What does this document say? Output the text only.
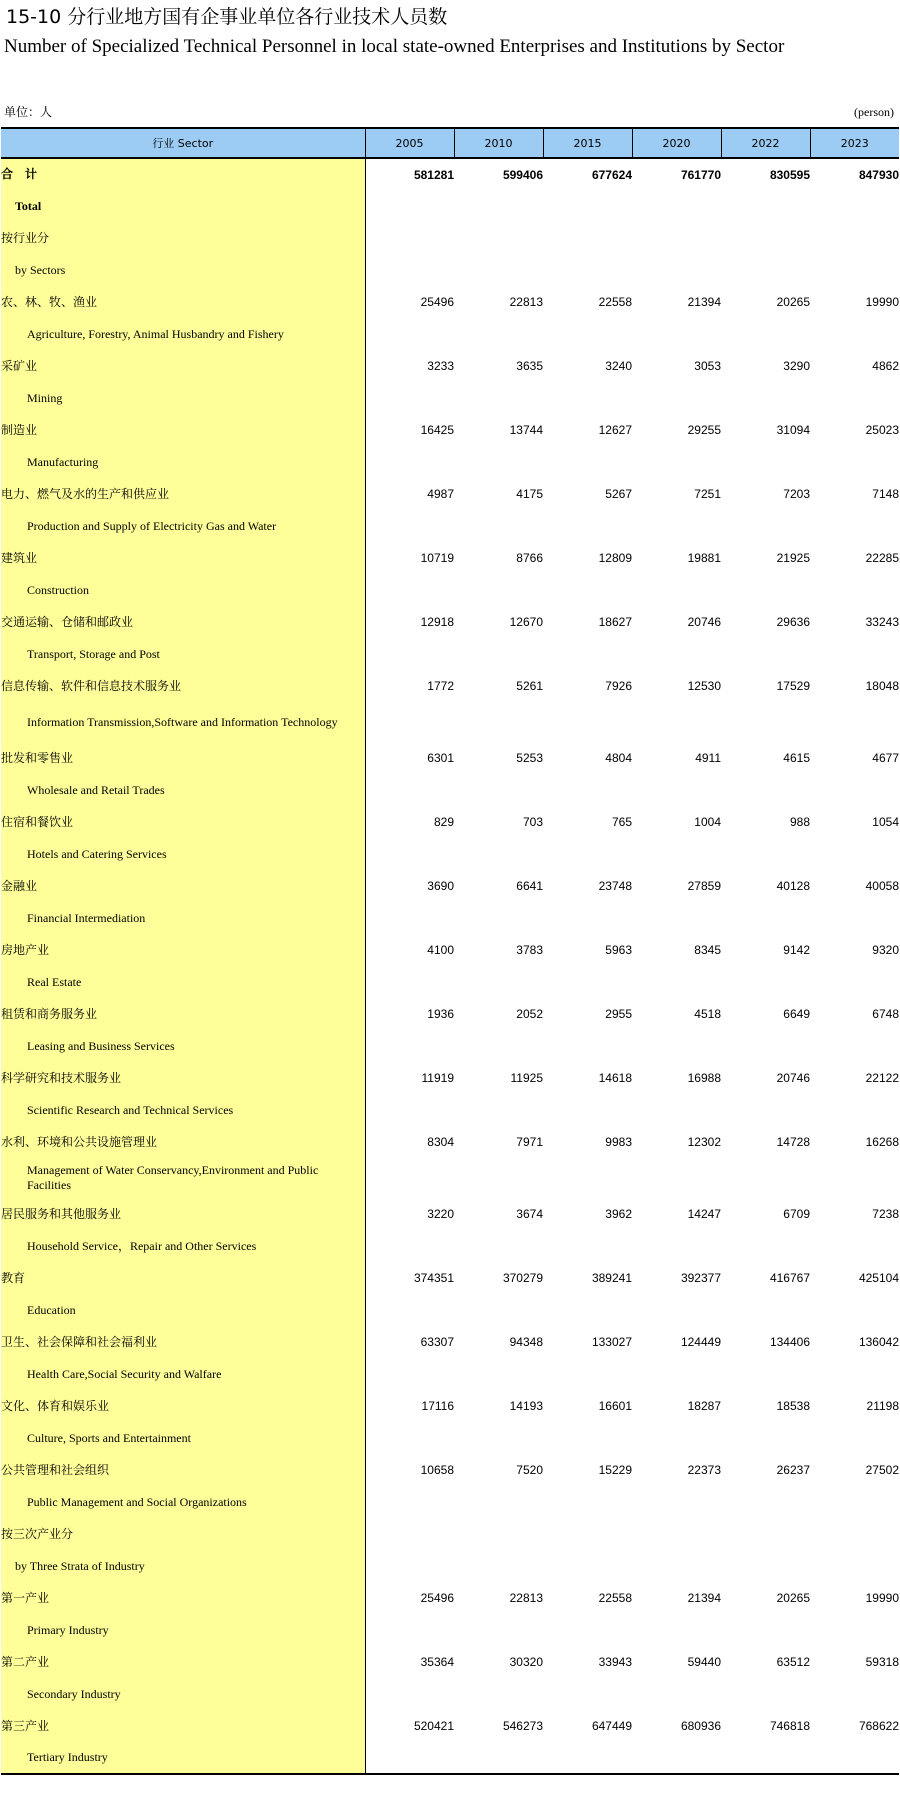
15-10 分行业地方国有企事业单位各行业技术人员数
Number of Specialized Technical Personnel in local state-owned Enterprises and Institutions by Sector
单位：人	(person)
行业 Sector	2005	2010	2015	2020	2022	2023
合　计	581281	599406	677624	761770	830595	847930
Total						
按行业分						
by Sectors						
农、林、牧、渔业	25496	22813	22558	21394	20265	19990
Agriculture, Forestry, Animal Husbandry and Fishery						
采矿业	3233	3635	3240	3053	3290	4862
Mining						
制造业	16425	13744	12627	29255	31094	25023
Manufacturing						
电力、燃气及水的生产和供应业	4987	4175	5267	7251	7203	7148
Production and Supply of Electricity Gas and Water						
建筑业	10719	8766	12809	19881	21925	22285
Construction						
交通运输、仓储和邮政业	12918	12670	18627	20746	29636	33243
Transport, Storage and Post						
信息传输、软件和信息技术服务业	1772	5261	7926	12530	17529	18048
Information Transmission,Software and Information Technology						
批发和零售业	6301	5253	4804	4911	4615	4677
Wholesale and Retail Trades						
住宿和餐饮业	829	703	765	1004	988	1054
Hotels and Catering Services						
金融业	3690	6641	23748	27859	40128	40058
Financial Intermediation						
房地产业	4100	3783	5963	8345	9142	9320
Real Estate						
租赁和商务服务业	1936	2052	2955	4518	6649	6748
Leasing and Business Services						
科学研究和技术服务业	11919	11925	14618	16988	20746	22122
Scientific Research and Technical Services						
水利、环境和公共设施管理业	8304	7971	9983	12302	14728	16268
Management of Water Conservancy,Environment and Public Facilities						
居民服务和其他服务业	3220	3674	3962	14247	6709	7238
Household Service，Repair and Other Services						
教育	374351	370279	389241	392377	416767	425104
Education						
卫生、社会保障和社会福利业	63307	94348	133027	124449	134406	136042
Health Care,Social Security and Walfare						
文化、体育和娱乐业	17116	14193	16601	18287	18538	21198
Culture, Sports and Entertainment						
公共管理和社会组织	10658	7520	15229	22373	26237	27502
Public Management and Social Organizations						
按三次产业分						
by Three Strata of Industry						
第一产业	25496	22813	22558	21394	20265	19990
Primary Industry						
第二产业	35364	30320	33943	59440	63512	59318
Secondary Industry						
第三产业	520421	546273	647449	680936	746818	768622
Tertiary Industry						
